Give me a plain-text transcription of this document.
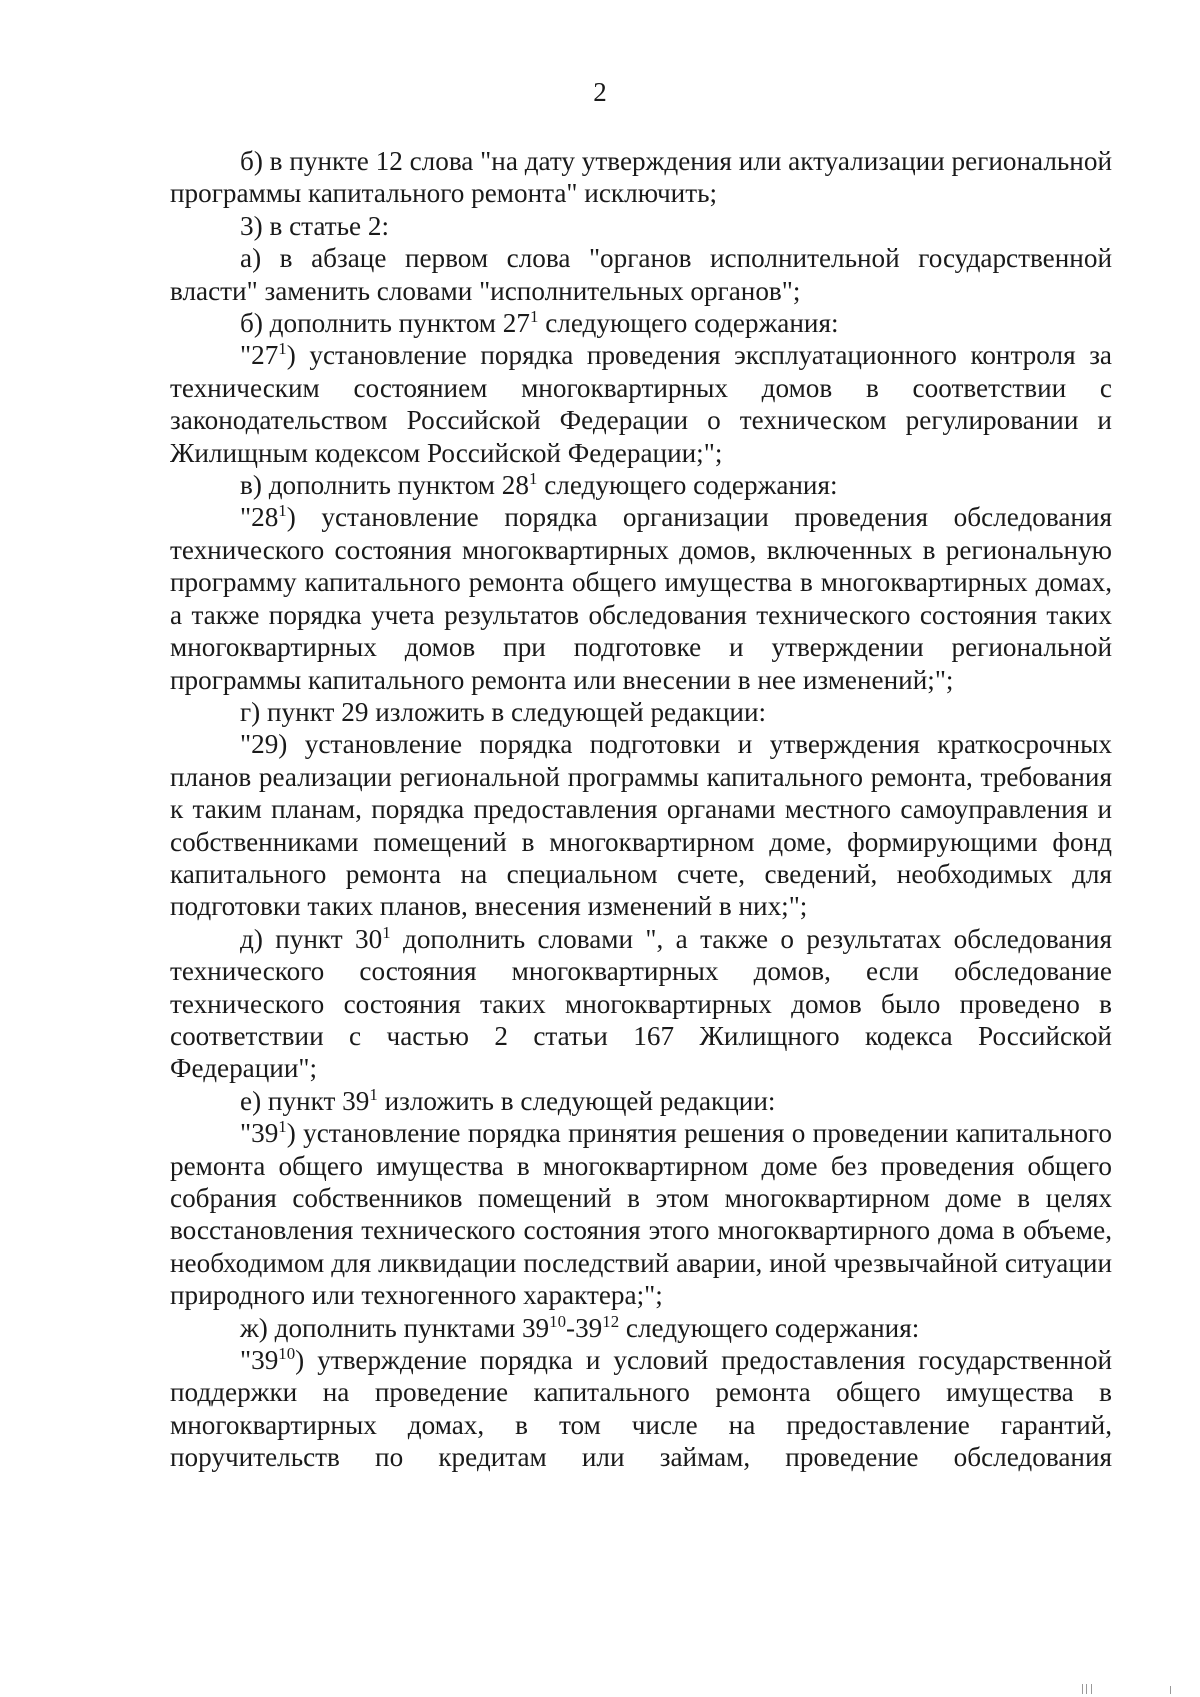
2

б) в пункте 12 слова "на дату утверждения или актуализации региональной программы капитального ремонта" исключить;

3) в статье 2:

а) в абзаце первом слова "органов исполнительной государственной власти" заменить словами "исполнительных органов";

б) дополнить пунктом $27^1$ следующего содержания:

"$27^1$) установление порядка проведения эксплуатационного контроля за техническим состоянием многоквартирных домов в соответствии с законодательством Российской Федерации о техническом регулировании и Жилищным кодексом Российской Федерации;";

в) дополнить пунктом $28^1$ следующего содержания:

"$28^1$) установление порядка организации проведения обследования технического состояния многоквартирных домов, включенных в региональную программу капитального ремонта общего имущества в многоквартирных домах, а также порядка учета результатов обследования технического состояния таких многоквартирных домов при подготовке и утверждении региональной программы капитального ремонта или внесении в нее изменений;";

г) пункт 29 изложить в следующей редакции:

"29) установление порядка подготовки и утверждения краткосрочных планов реализации региональной программы капитального ремонта, требования к таким планам, порядка предоставления органами местного самоуправления и собственниками помещений в многоквартирном доме, формирующими фонд капитального ремонта на специальном счете, сведений, необходимых для подготовки таких планов, внесения изменений в них;";

д) пункт $30^1$ дополнить словами ", а также о результатах обследования технического состояния многоквартирных домов, если обследование технического состояния таких многоквартирных домов было проведено в соответствии с частью 2 статьи 167 Жилищного кодекса Российской Федерации";

е) пункт $39^1$ изложить в следующей редакции:

"$39^1$) установление порядка принятия решения о проведении капитального ремонта общего имущества в многоквартирном доме без проведения общего собрания собственников помещений в этом многоквартирном доме в целях восстановления технического состояния этого многоквартирного дома в объеме, необходимом для ликвидации последствий аварии, иной чрезвычайной ситуации природного или техногенного характера;";

ж) дополнить пунктами $39^{10}-39^{12}$ следующего содержания:

"$39^{10}$) утверждение порядка и условий предоставления государственной поддержки на проведение капитального ремонта общего имущества в многоквартирных домах, в том числе на предоставление гарантий, поручительств по кредитам или займам, проведение обследования
